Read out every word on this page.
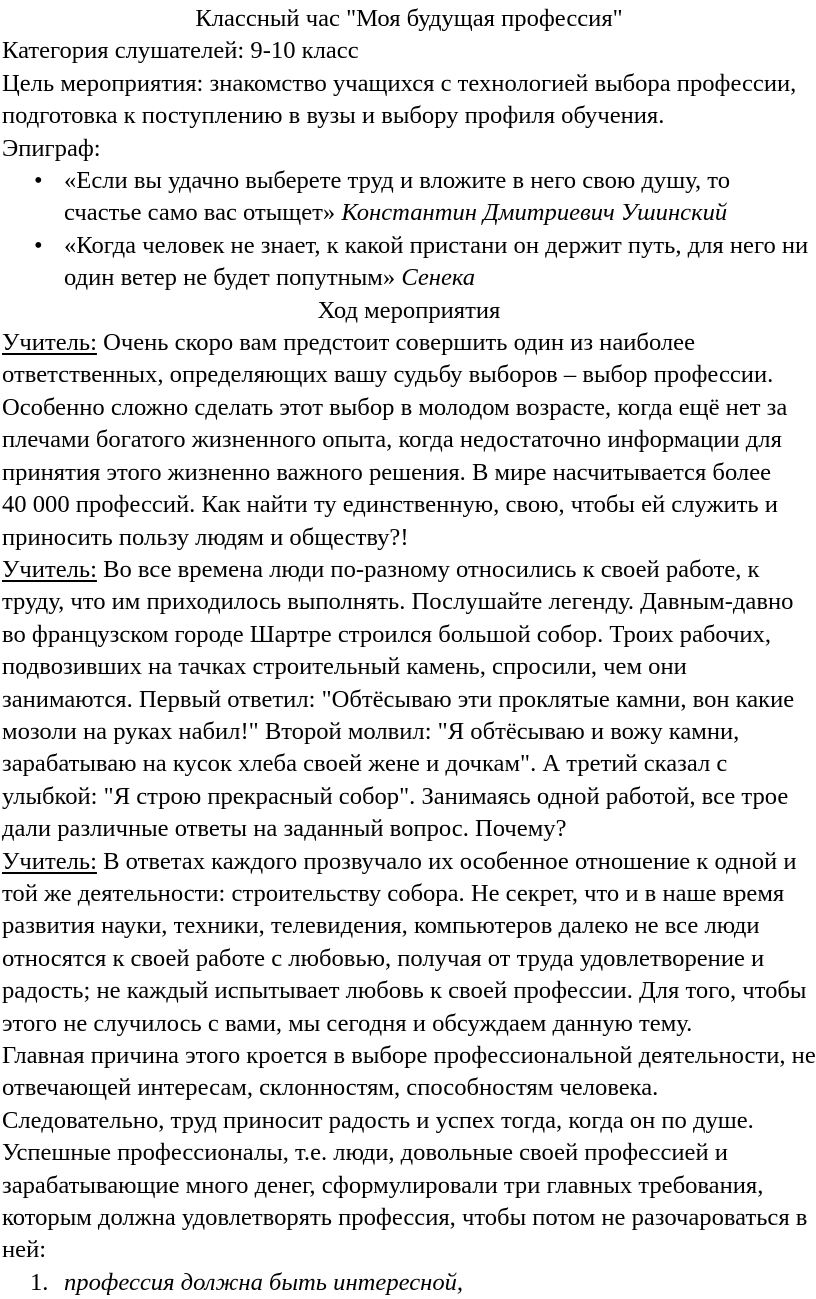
Классный час "Моя будущая профессия"
Категория слушателей: 9-10 класс
Цель мероприятия: знакомство учащихся с технологией выбора профессии,
подготовка к поступлению в вузы и выбору профиля обучения.
Эпиграф:
• «Если вы удачно выберете труд и вложите в него свою душу, то
счастье само вас отыщет» Константин Дмитриевич Ушинский
• «Когда человек не знает, к какой пристани он держит путь, для него ни
один ветер не будет попутным» Сенека
Ход мероприятия
Учитель: Очень скоро вам предстоит совершить один из наиболее
ответственных, определяющих вашу судьбу выборов – выбор профессии.
Особенно сложно сделать этот выбор в молодом возрасте, когда ещё нет за
плечами богатого жизненного опыта, когда недостаточно информации для
принятия этого жизненно важного решения. В мире насчитывается более
40 000 профессий. Как найти ту единственную, свою, чтобы ей служить и
приносить пользу людям и обществу?!
Учитель: Во все времена люди по-разному относились к своей работе, к
труду, что им приходилось выполнять. Послушайте легенду. Давным-давно
во французском городе Шартре строился большой собор. Троих рабочих,
подвозивших на тачках строительный камень, спросили, чем они
занимаются. Первый ответил: "Обтёсываю эти проклятые камни, вон какие
мозоли на руках набил!" Второй молвил: "Я обтёсываю и вожу камни,
зарабатываю на кусок хлеба своей жене и дочкам". А третий сказал с
улыбкой: "Я строю прекрасный собор". Занимаясь одной работой, все трое
дали различные ответы на заданный вопрос. Почему?
Учитель: В ответах каждого прозвучало их особенное отношение к одной и
той же деятельности: строительству собора. Не секрет, что и в наше время
развития науки, техники, телевидения, компьютеров далеко не все люди
относятся к своей работе с любовью, получая от труда удовлетворение и
радость; не каждый испытывает любовь к своей профессии. Для того, чтобы
этого не случилось с вами, мы сегодня и обсуждаем данную тему.
Главная причина этого кроется в выборе профессиональной деятельности, не
отвечающей интересам, склонностям, способностям человека.
Следовательно, труд приносит радость и успех тогда, когда он по душе.
Успешные профессионалы, т.е. люди, довольные своей профессией и
зарабатывающие много денег, сформулировали три главных требования,
которым должна удовлетворять профессия, чтобы потом не разочароваться в
ней:
1. профессия должна быть интересной,
